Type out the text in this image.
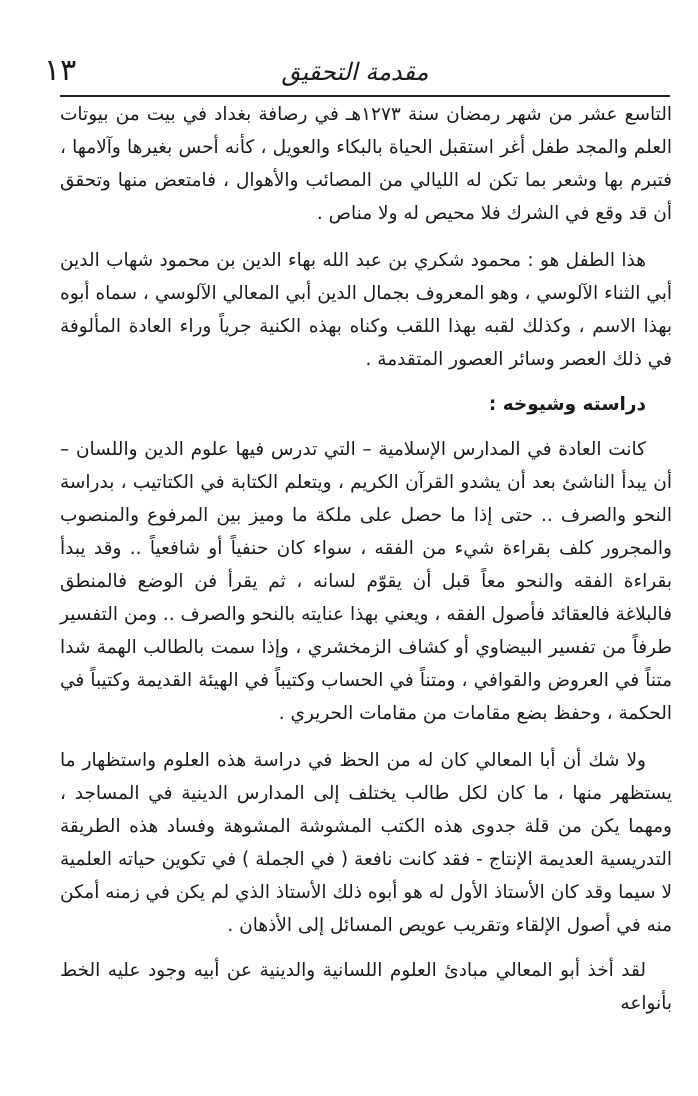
١٣	مقدمة التحقيق

التاسع عشر من شهر رمضان سنة ١٢٧٣هـ في رصافة بغداد في بيت من بيوتات العلم والمجد طفل أغر استقبل الحياة بالبكاء والعويل ، كأنه أحس بغيرها وآلامها ، فتبرم بها وشعر بما تكن له الليالي من المصائب والأهوال ، فامتعض منها وتحقق أن قد وقع في الشرك فلا محيص له ولا مناص .

هذا الطفل هو : محمود شكري بن عبد الله بهاء الدين بن محمود شهاب الدين أبي الثناء الآلوسي ، وهو المعروف بجمال الدين أبي المعالي الآلوسي ، سماه أبوه بهذا الاسم ، وكذلك لقبه بهذا اللقب وكناه بهذه الكنية جرياً وراء العادة المألوفة في ذلك العصر وسائر العصور المتقدمة .

دراسته وشيوخه :

كانت العادة في المدارس الإسلامية – التي تدرس فيها علوم الدين واللسان – أن يبدأ الناشئ بعد أن يشدو القرآن الكريم ، ويتعلم الكتابة في الكتاتيب ، بدراسة النحو والصرف .. حتى إذا ما حصل على ملكة ما وميز بين المرفوع والمنصوب والمجرور كلف بقراءة شيء من الفقه ، سواء كان حنفياً أو شافعياً .. وقد يبدأ بقراءة الفقه والنحو معاً قبل أن يقوّم لسانه ، ثم يقرأ فن الوضع فالمنطق فالبلاغة فالعقائد فأصول الفقه ، ويعني بهذا عنايته بالنحو والصرف .. ومن التفسير طرفاً من تفسير البيضاوي أو كشاف الزمخشري ، وإذا سمت بالطالب الهمة شدا متناً في العروض والقوافي ، ومتناً في الحساب وكتيباً في الهيئة القديمة وكتيباً في الحكمة ، وحفظ بضع مقامات من مقامات الحريري .

ولا شك أن أبا المعالي كان له من الحظ في دراسة هذه العلوم واستظهار ما يستظهر منها ، ما كان لكل طالب يختلف إلى المدارس الدينية في المساجد ، ومهما يكن من قلة جدوى هذه الكتب المشوشة المشوهة وفساد هذه الطريقة التدريسية العديمة الإنتاج - فقد كانت نافعة ( في الجملة ) في تكوين حياته العلمية لا سيما وقد كان الأستاذ الأول له هو أبوه ذلك الأستاذ الذي لم يكن في زمنه أمكن منه في أصول الإلقاء وتقريب عويص المسائل إلى الأذهان .

لقد أخذ أبو المعالي مبادئ العلوم اللسانية والدينية عن أبيه وجود عليه الخط بأنواعه
